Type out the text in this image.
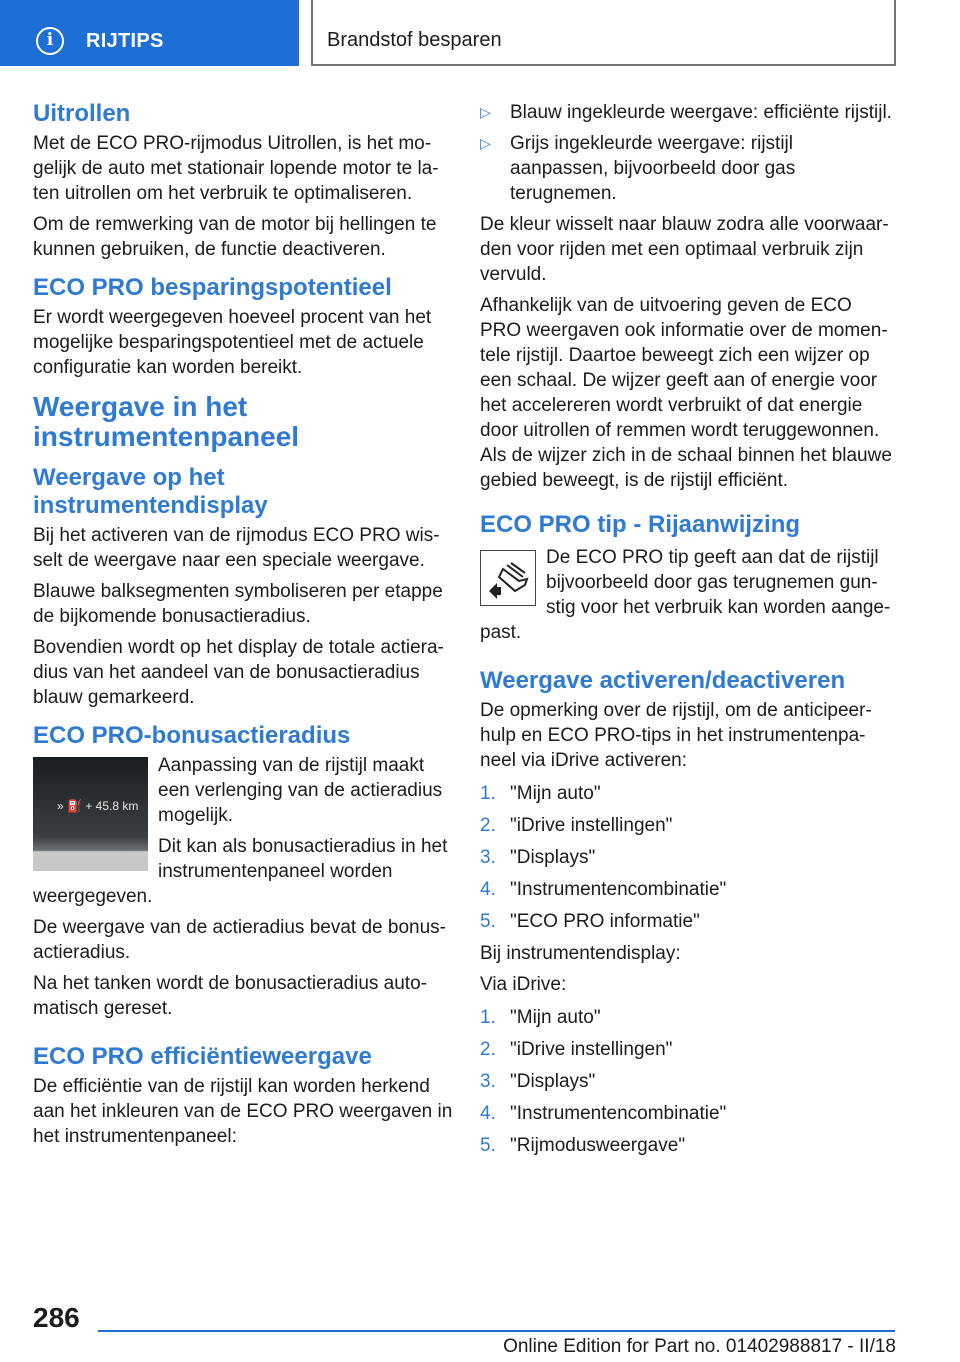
i	RIJTIPS	Brandstof besparen
Uitrollen

Met de ECO PRO-rijmodus Uitrollen, is het mogelijk de auto met stationair lopende motor te laten uitrollen om het verbruik te optimaliseren.

Om de remwerking van de motor bij hellingen te kunnen gebruiken, de functie deactiveren.

ECO PRO besparingspotentieel

Er wordt weergegeven hoeveel procent van het mogelijke besparingspotentieel met de actuele configuratie kan worden bereikt.

Weergave in het instrumentenpaneel
Weergave op het instrumentendisplay

Bij het activeren van de rijmodus ECO PRO wisselt de weergave naar een speciale weergave.

Blauwe balksegmenten symboliseren per etappe de bijkomende bonusactieradius.

Bovendien wordt op het display de totale actieradius van het aandeel van de bonusactieradius blauw gemarkeerd.

ECO PRO-bonusactieradius
» ⛽ + 45.8 km

Aanpassing van de rijstijl maakt een verlenging van de actieradius mogelijk.

Dit kan als bonusactieradius in het instrumentenpaneel worden weergegeven.

De weergave van de actieradius bevat de bonusactieradius.

Na het tanken wordt de bonusactieradius automatisch gereset.

ECO PRO efficiëntieweergave

De efficiëntie van de rijstijl kan worden herkend aan het inkleuren van de ECO PRO weergaven in het instrumentenpaneel:

▷ Blauw ingekleurde weergave: efficiënte rijstijl.
▷ Grijs ingekleurde weergave: rijstijl aanpassen, bijvoorbeeld door gas terugnemen.

De kleur wisselt naar blauw zodra alle voorwaarden voor rijden met een optimaal verbruik zijn vervuld.

Afhankelijk van de uitvoering geven de ECO PRO weergaven ook informatie over de momentele rijstijl. Daartoe beweegt zich een wijzer op een schaal. De wijzer geeft aan of energie voor het accelereren wordt verbruikt of dat energie door uitrollen of remmen wordt teruggewonnen. Als de wijzer zich in de schaal binnen het blauwe gebied beweegt, is de rijstijl efficiënt.

ECO PRO tip - Rijaanwijzing

De ECO PRO tip geeft aan dat de rijstijl bijvoorbeeld door gas terugnemen gunstig voor het verbruik kan worden aangepast.

Weergave activeren/deactiveren

De opmerking over de rijstijl, om de anticipeerhulp en ECO PRO-tips in het instrumentenpaneel via iDrive activeren:

1. "Mijn auto"
2. "iDrive instellingen"
3. "Displays"
4. "Instrumentencombinatie"
5. "ECO PRO informatie"

Bij instrumentendisplay:

Via iDrive:

1. "Mijn auto"
2. "iDrive instellingen"
3. "Displays"
4. "Instrumentencombinatie"
5. "Rijmodusweergave"
286
Online Edition for Part no. 01402988817 - II/18
